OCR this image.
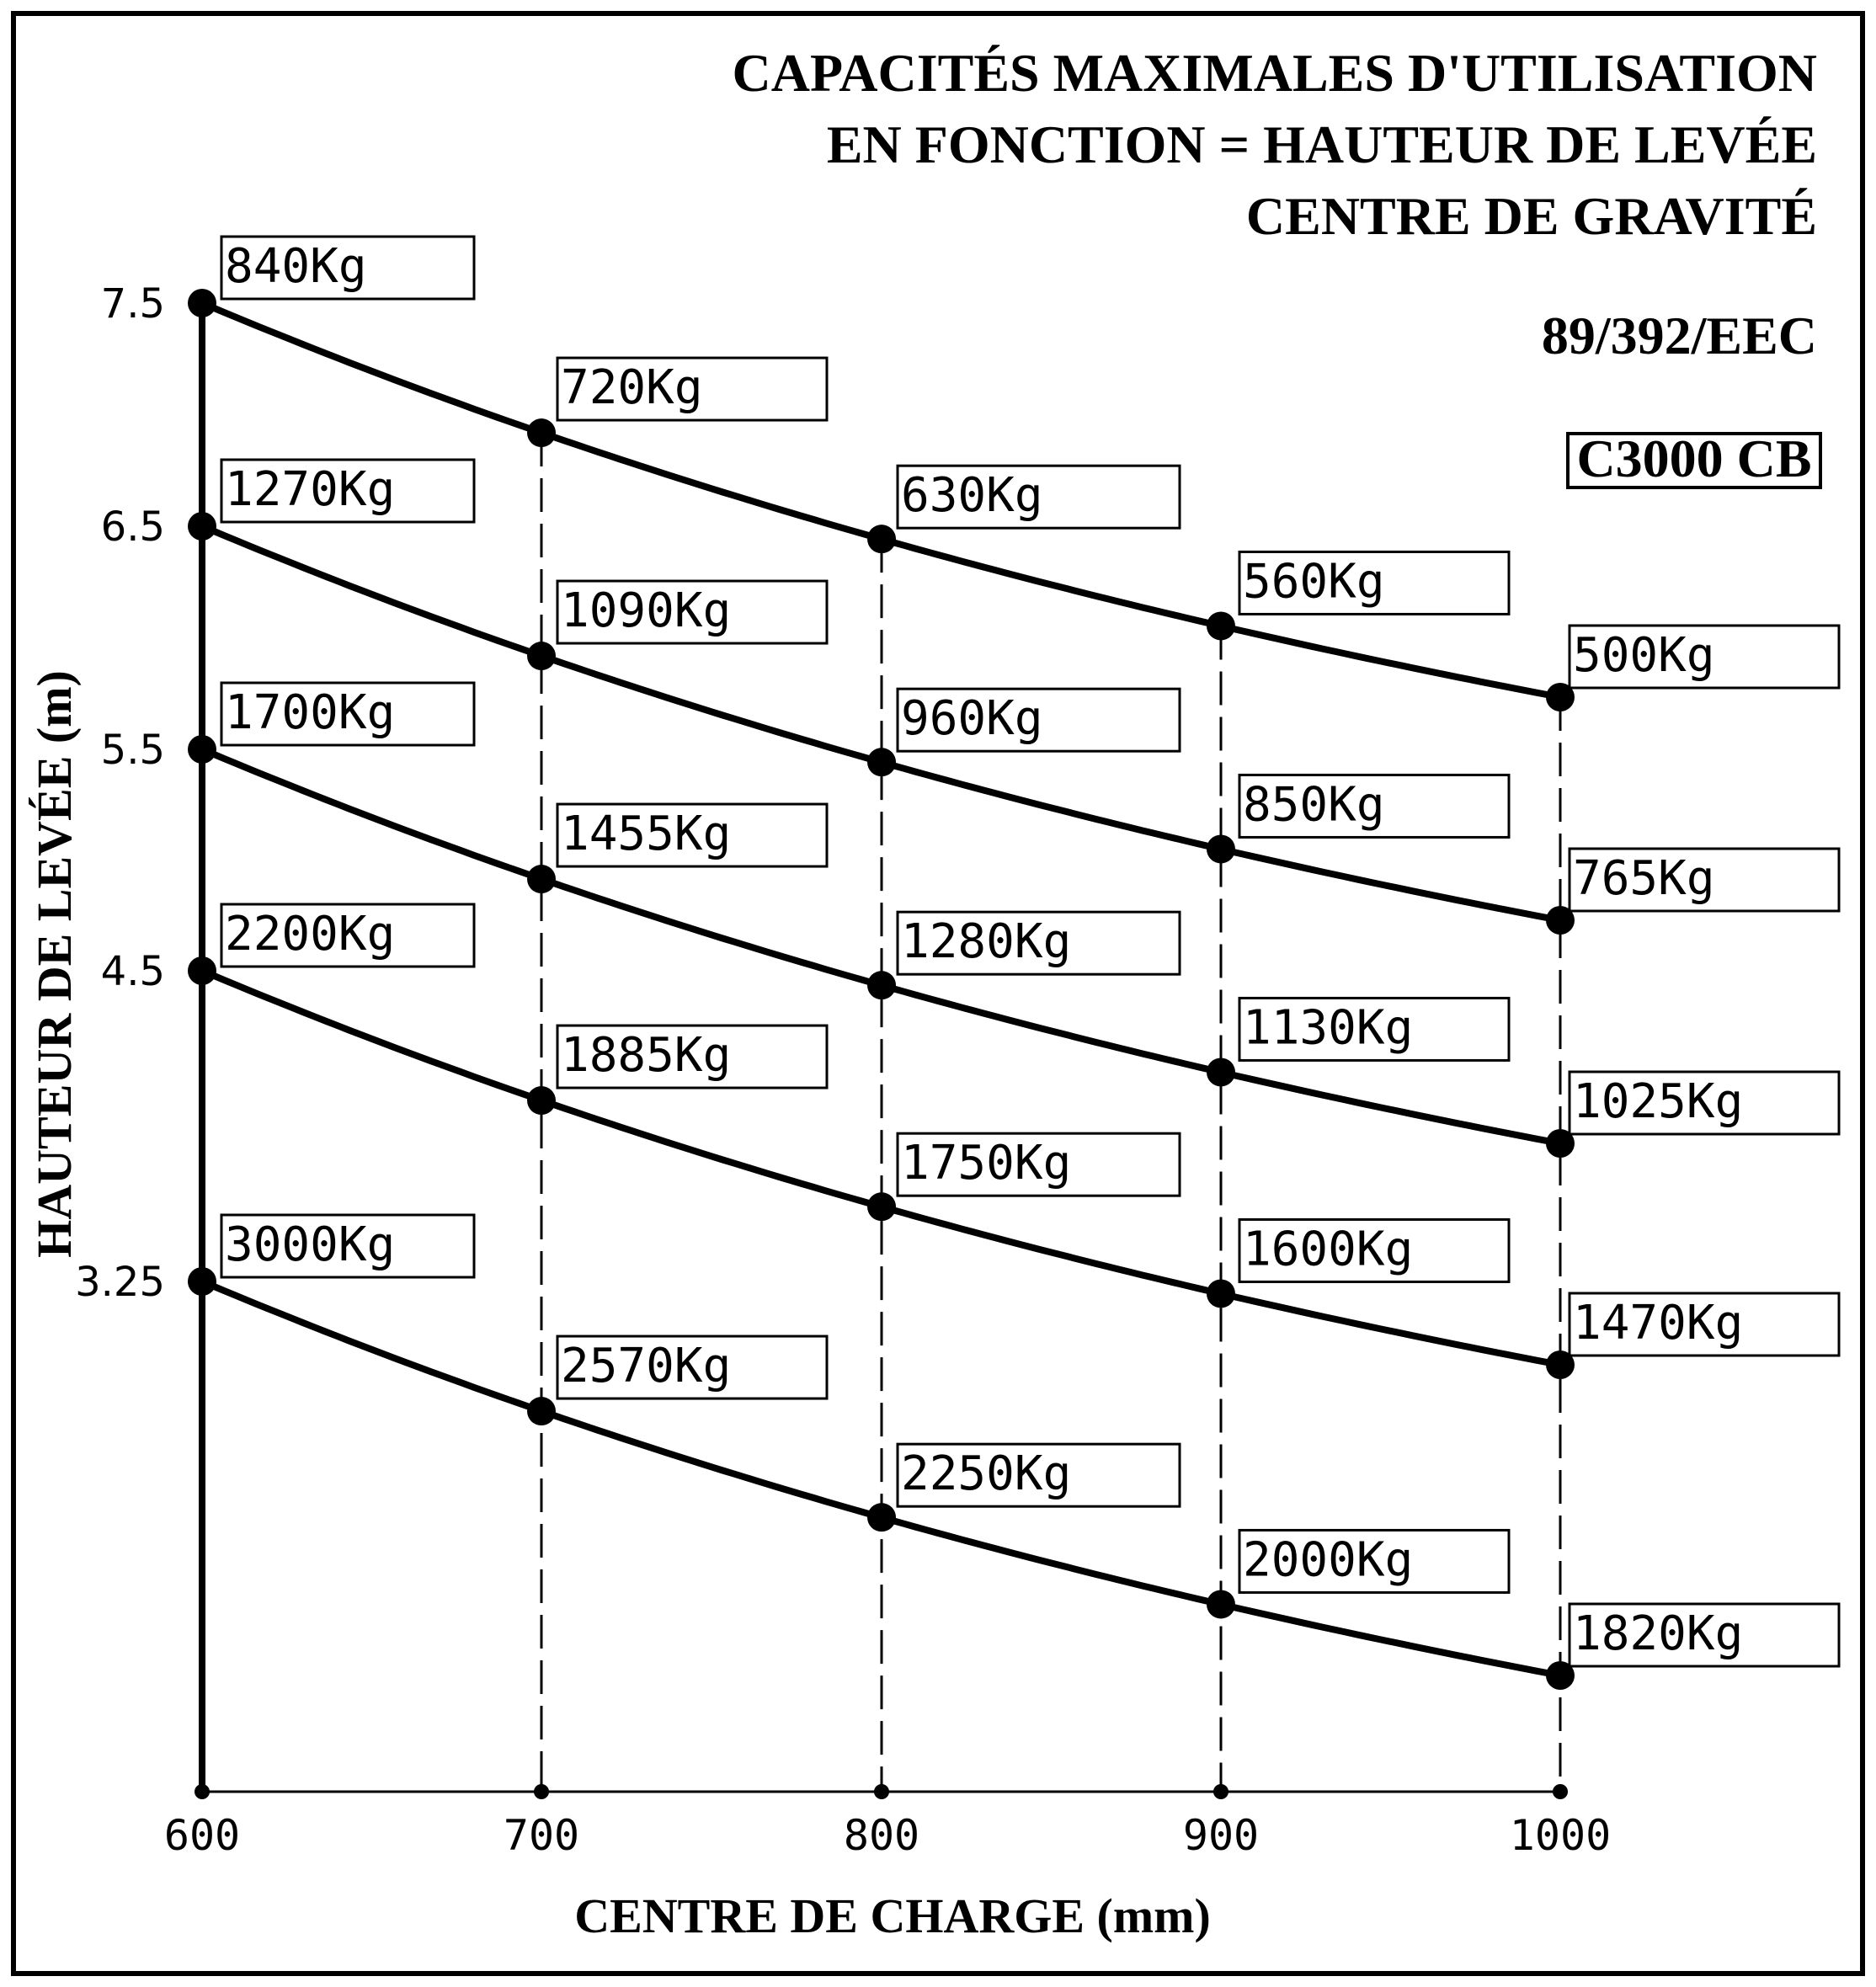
CAPACITÉS MAXIMALES D'UTILISATION
EN FONCTION = HAUTEUR DE LEVÉE
CENTRE DE GRAVITÉ
89/392/EEC
C3000 CB
840Kg
720Kg
630Kg
560Kg
500Kg
1270Kg
1090Kg
960Kg
850Kg
765Kg
1700Kg
1455Kg
1280Kg
1130Kg
1025Kg
2200Kg
1885Kg
1750Kg
1600Kg
1470Kg
3000Kg
2570Kg
2250Kg
2000Kg
1820Kg
600	700	800	900	1000
7.5
6.5
5.5
4.5
3.25
CENTRE DE CHARGE (mm)
HAUTEUR DE LEVÉE (m)
